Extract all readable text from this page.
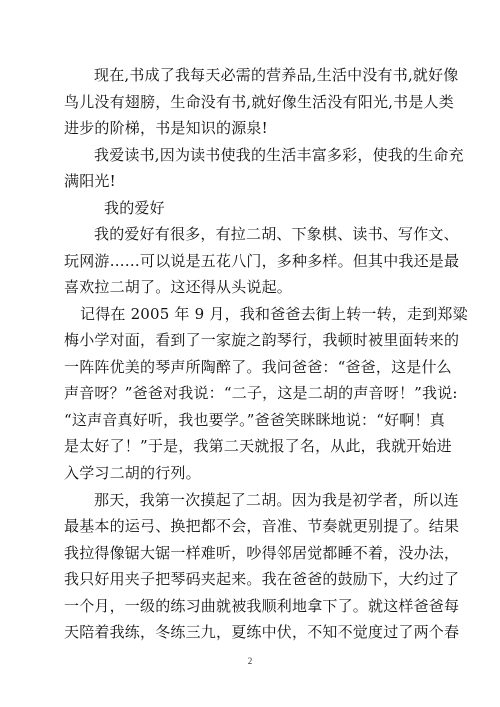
现在,书成了我每天必需的营养品,生活中没有书,就好像
鸟儿没有翅膀，生命没有书,就好像生活没有阳光,书是人类
进步的阶梯，书是知识的源泉!
我爱读书,因为读书使我的生活丰富多彩，使我的生命充
满阳光!
我的爱好
我的爱好有很多，有拉二胡、下象棋、读书、写作文、
玩网游……可以说是五花八门，多种多样。但其中我还是最
喜欢拉二胡了。这还得从头说起。
记得在 2005 年 9 月，我和爸爸去街上转一转，走到郑粱
梅小学对面，看到了一家旋之韵琴行，我顿时被里面转来的
一阵阵优美的琴声所陶醉了。我问爸爸：“爸爸，这是什么
声音呀？”爸爸对我说：“二子，这是二胡的声音呀！”我说:
“这声音真好听，我也要学。”爸爸笑眯眯地说：“好啊！真
是太好了！”于是，我第二天就报了名，从此，我就开始进
入学习二胡的行列。
那天，我第一次摸起了二胡。因为我是初学者，所以连
最基本的运弓、换把都不会，音准、节奏就更别提了。结果
我拉得像锯大锯一样难听，吵得邻居觉都睡不着，没办法，
我只好用夹子把琴码夹起来。我在爸爸的鼓励下，大约过了
一个月，一级的练习曲就被我顺利地拿下了。就这样爸爸每
天陪着我练，冬练三九，夏练中伏，不知不觉度过了两个春
2
